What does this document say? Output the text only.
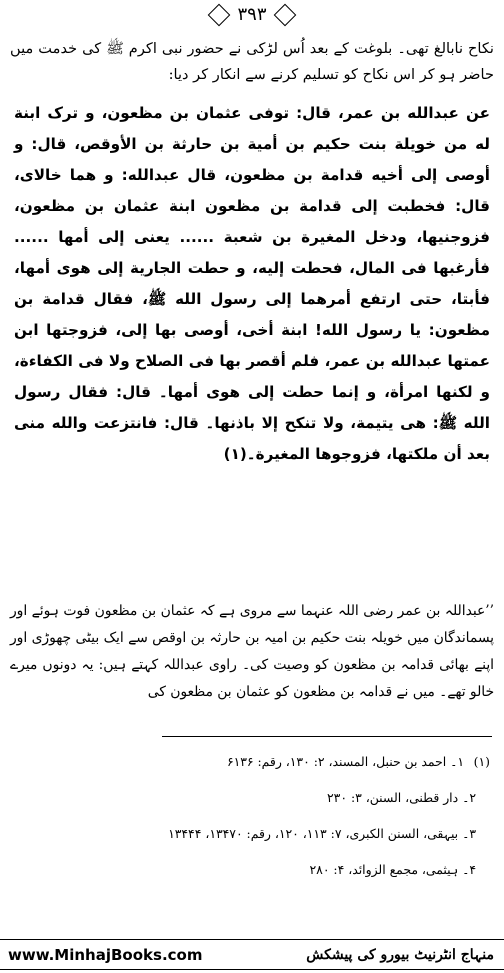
۳۹۳

نکاح نابالغ تھی۔ بلوغت کے بعد اُس لڑکی نے حضور نبی اکرم ﷺ کی خدمت میں حاضر ہو کر اس نکاح کو تسلیم کرنے سے انکار کر دیا:

عن عبدالله بن عمر، قال: توفی عثمان بن مظعون، و ترک ابنة له من خويلة بنت حكيم بن أمية بن حارثة بن الأوقص، قال: و أوصى إلى أخيه قدامة بن مظعون، قال عبدالله: و هما خالاى، قال: فخطبت إلى قدامة بن مظعون ابنة عثمان بن مظعون، فزوجنيها، ودخل المغيرة بن شعبة ...... يعنى إلى أمها ...... فأرغبها فى المال، فحطت إليه، و حطت الجارية إلى هوى أمها، فأبتا، حتى ارتفع أمرهما إلى رسول الله ﷺ، فقال قدامة بن مظعون: يا رسول الله! ابنة أخى، أوصى بها إلى، فزوجتها ابن عمتها عبدالله بن عمر، فلم أقصر بها فى الصلاح ولا فى الكفاءة، و لكنها امرأة، و إنما حطت إلى هوى أمها۔ قال: فقال رسول الله ﷺ: هى يتيمة، ولا تنكح إلا باذنها۔ قال: فانتزعت والله منى بعد أن ملكتها، فزوجوها المغيرة۔(۱)

’’عبداللہ بن عمر رضی اللہ عنہما سے مروی ہے کہ عثمان بن مظعون فوت ہوئے اور پسماندگان میں خویلہ بنت حکیم بن امیہ بن حارثہ بن اوقص سے ایک بیٹی چھوڑی اور اپنے بھائی قدامہ بن مظعون کو وصیت کی۔ راوی عبداللہ کہتے ہیں: یہ دونوں میرے خالو تھے۔ میں نے قدامہ بن مظعون کو عثمان بن مظعون کی

(۱)
۱۔ احمد بن حنبل، المسند، ۲: ۱۳۰، رقم: ۶۱۳۶
۲۔ دار قطنی، السنن، ۳: ۲۳۰
۳۔ بیہقی، السنن الکبری، ۷: ۱۱۳، ۱۲۰، رقم: ۱۳۴۷۰، ۱۳۴۴۴
۴۔ ہیثمی، مجمع الزوائد، ۴: ۲۸۰
www.MinhajBooks.com	منہاج انٹرنیٹ بیورو کی پیشکش
